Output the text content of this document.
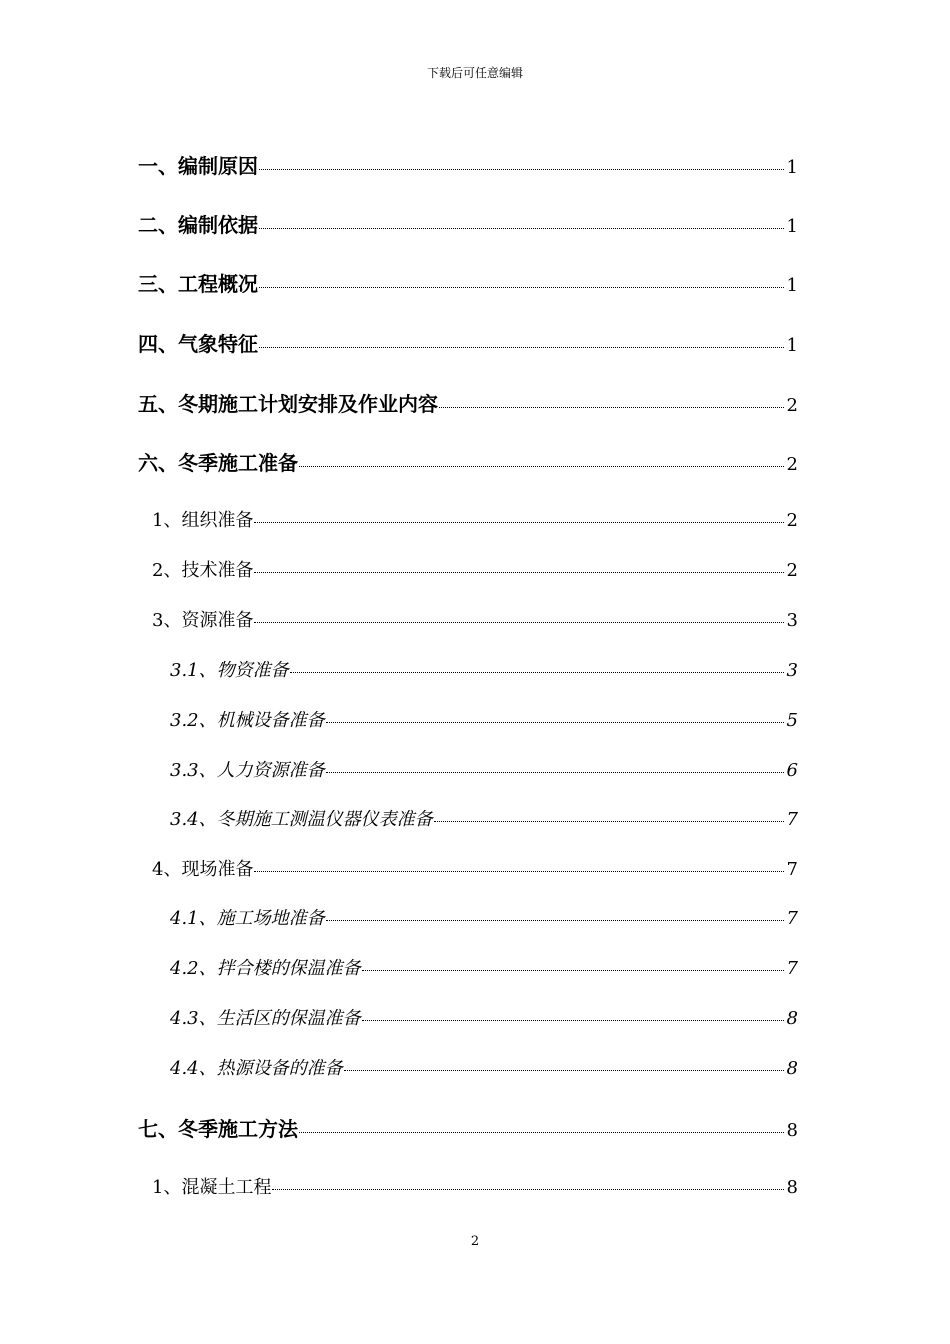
下载后可任意编辑
一、编制原因	1
二、编制依据	1
三、工程概况	1
四、气象特征	1
五、冬期施工计划安排及作业内容	2
六、冬季施工准备	2
1、组织准备	2
2、技术准备	2
3、资源准备	3
3.1、物资准备	3
3.2、机械设备准备	5
3.3、人力资源准备	6
3.4、冬期施工测温仪器仪表准备	7
4、现场准备	7
4.1、施工场地准备	7
4.2、拌合楼的保温准备	7
4.3、生活区的保温准备	8
4.4、热源设备的准备	8
七、冬季施工方法	8
1、混凝土工程	8
2
